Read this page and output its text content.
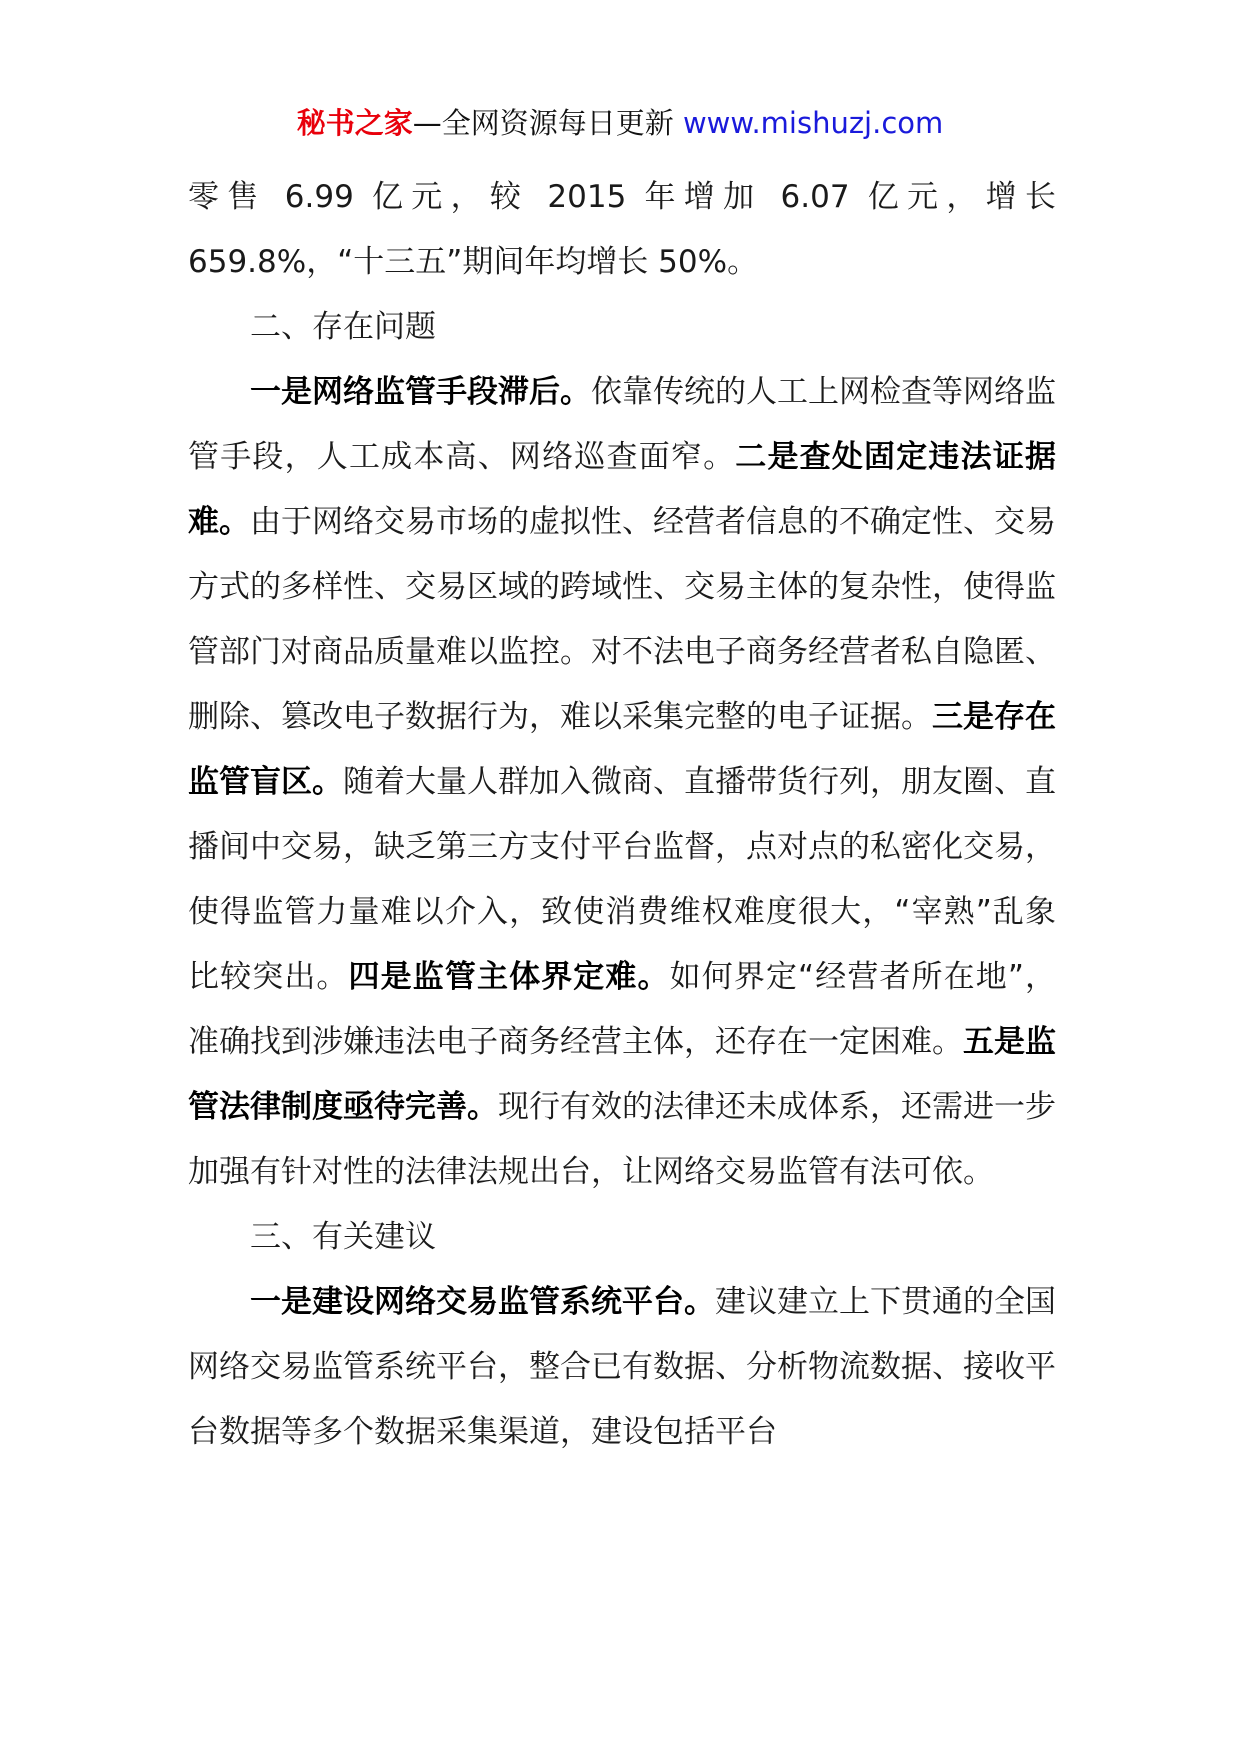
秘书之家—全网资源每日更新 www.mishuzj.com

零售 6.99 亿元，较 2015 年增加 6.07 亿元，增长 659.8%，“十三五”期间年均增长 50%。

二、存在问题

一是网络监管手段滞后。依靠传统的人工上网检查等网络监管手段，人工成本高、网络巡查面窄。二是查处固定违法证据难。由于网络交易市场的虚拟性、经营者信息的不确定性、交易方式的多样性、交易区域的跨域性、交易主体的复杂性，使得监管部门对商品质量难以监控。对不法电子商务经营者私自隐匿、删除、篡改电子数据行为，难以采集完整的电子证据。三是存在监管盲区。随着大量人群加入微商、直播带货行列，朋友圈、直播间中交易，缺乏第三方支付平台监督，点对点的私密化交易，使得监管力量难以介入，致使消费维权难度很大，“宰熟”乱象比较突出。四是监管主体界定难。如何界定“经营者所在地”，准确找到涉嫌违法电子商务经营主体，还存在一定困难。五是监管法律制度亟待完善。现行有效的法律还未成体系，还需进一步加强有针对性的法律法规出台，让网络交易监管有法可依。

三、有关建议

一是建设网络交易监管系统平台。建议建立上下贯通的全国网络交易监管系统平台，整合已有数据、分析物流数据、接收平台数据等多个数据采集渠道，建设包括平台
